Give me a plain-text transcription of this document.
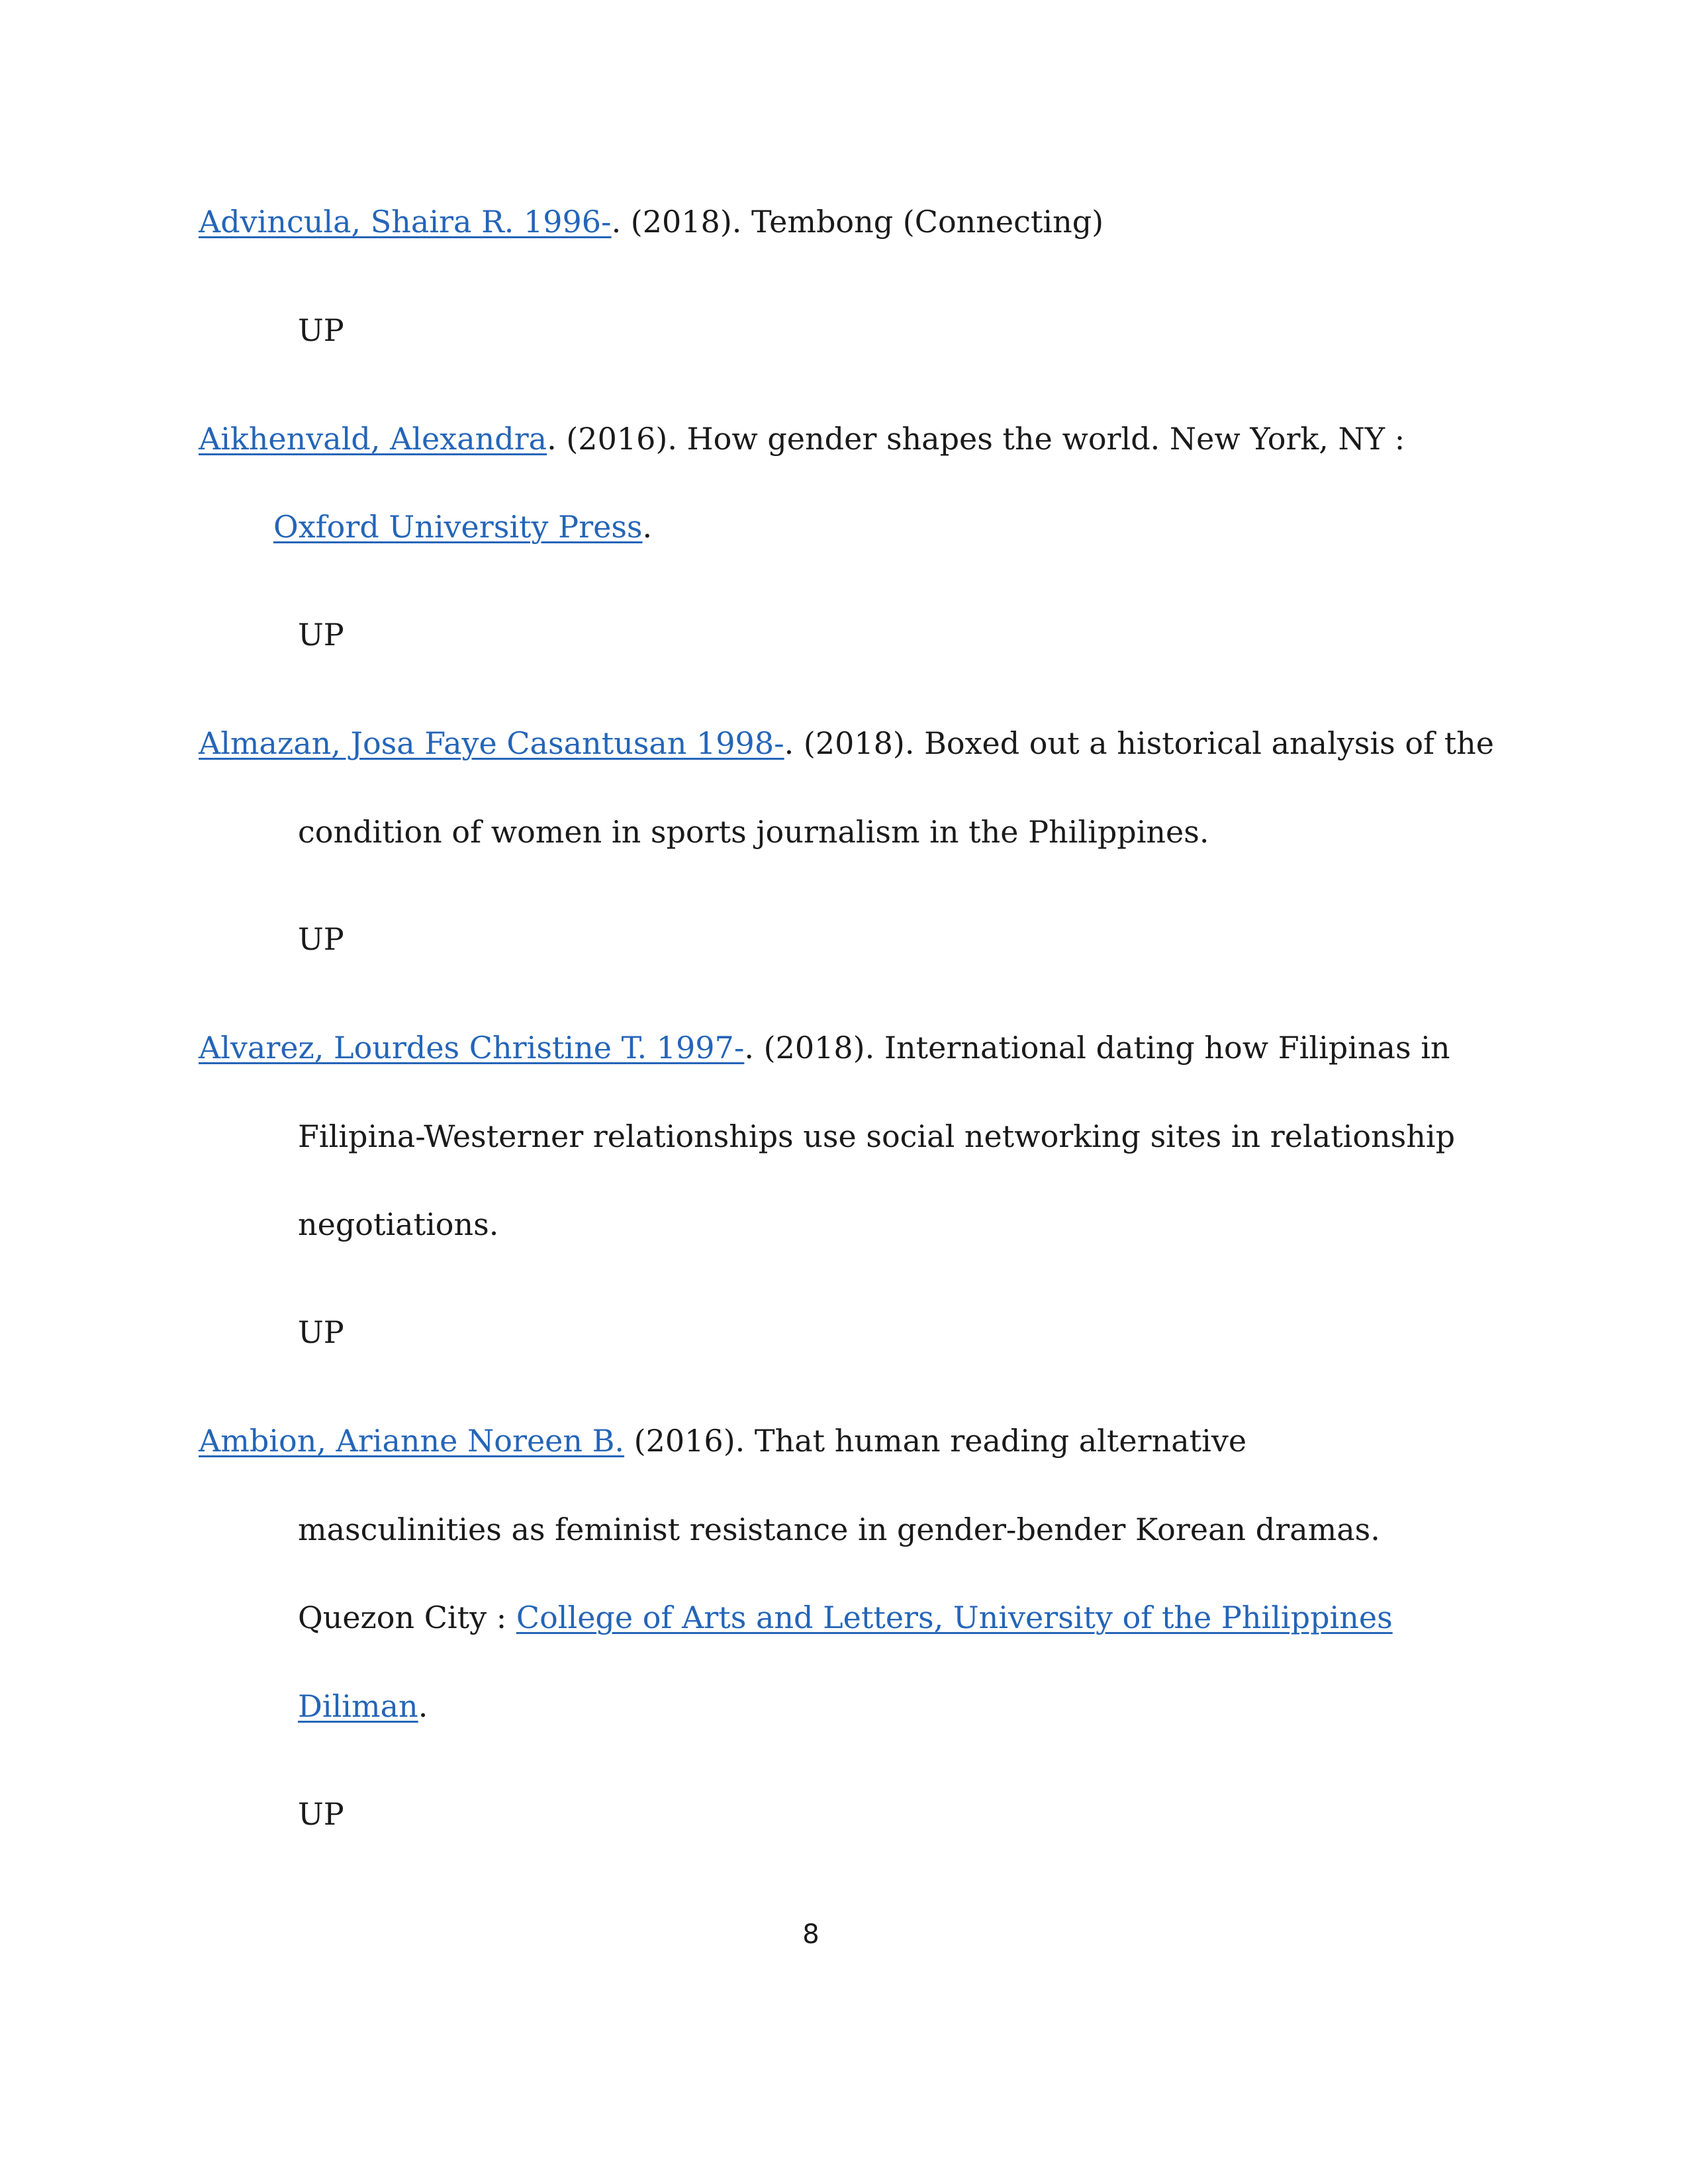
Advincula, Shaira R. 1996-. (2018). Tembong (Connecting)

UP

Aikhenvald, Alexandra. (2016). How gender shapes the world. New York, NY :

Oxford University Press.

UP

Almazan, Josa Faye Casantusan 1998-. (2018). Boxed out a historical analysis of the

condition of women in sports journalism in the Philippines.

UP

Alvarez, Lourdes Christine T. 1997-. (2018). International dating how Filipinas in

Filipina-Westerner relationships use social networking sites in relationship

negotiations.

UP

Ambion, Arianne Noreen B. (2016). That human reading alternative

masculinities as feminist resistance in gender-bender Korean dramas.

Quezon City : College of Arts and Letters, University of the Philippines

Diliman.

UP

8
